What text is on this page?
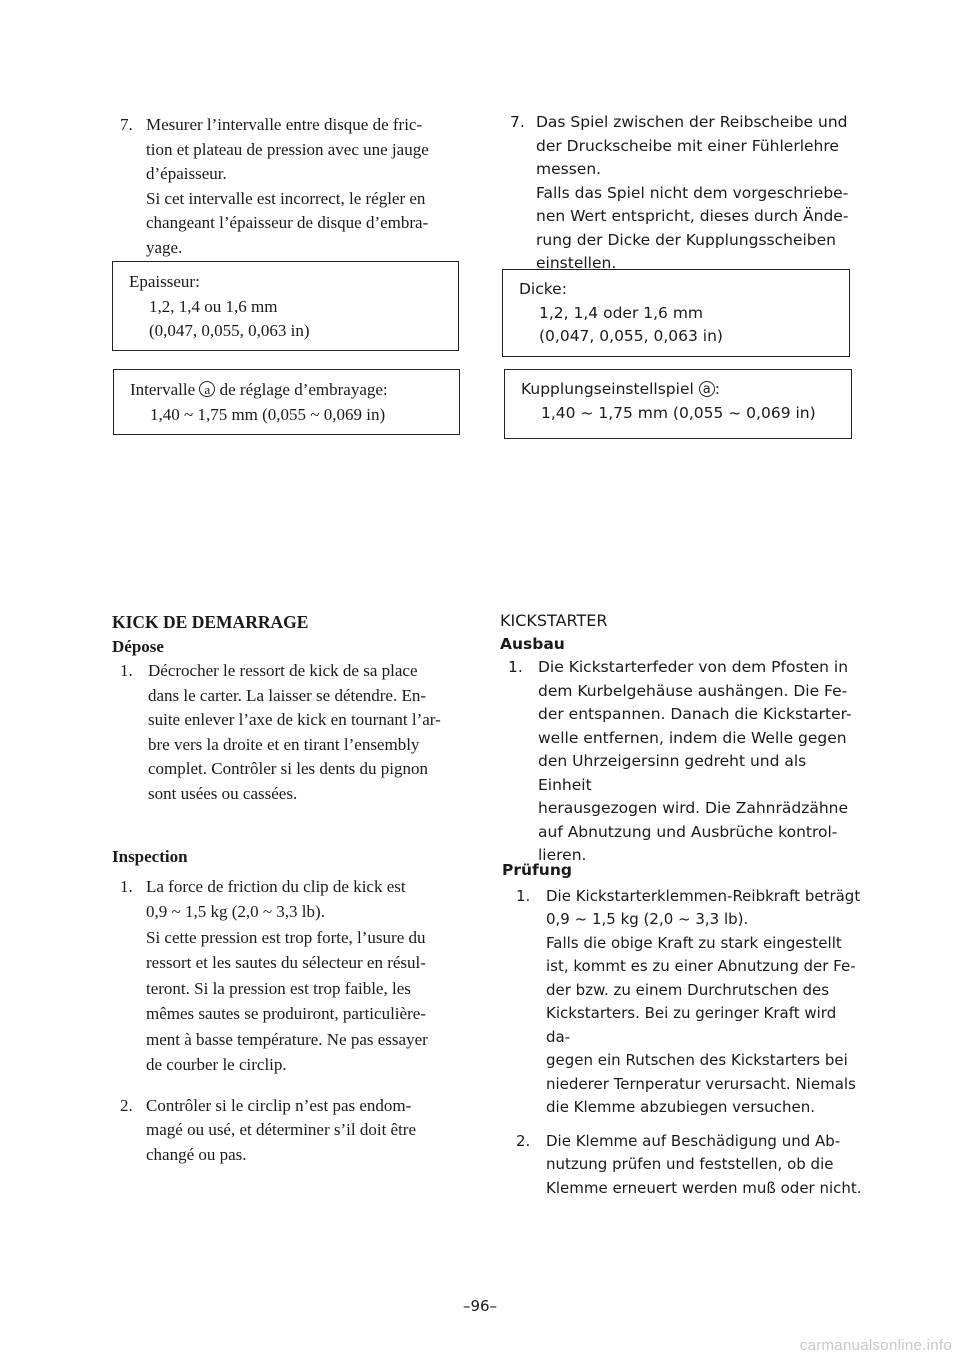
7. Mesurer l’intervalle entre disque de fric-

tion et plateau de pression avec une jauge

d’épaisseur.

Si cet intervalle est incorrect, le régler en

changeant l’épaisseur de disque d’embra-

yage.

Epaisseur:
1,2, 1,4 ou 1,6 mm
(0,047, 0,055, 0,063 in)
Intervalle a de réglage d’embrayage:
1,40 ~ 1,75 mm (0,055 ~ 0,069 in)

KICK DE DEMARRAGE

Dépose

1. Décrocher le ressort de kick de sa place

dans le carter. La laisser se détendre. En-

suite enlever l’axe de kick en tournant l’ar-

bre vers la droite et en tirant l’ensembly

complet. Contrôler si les dents du pignon

sont usées ou cassées.

Inspection

1. La force de friction du clip de kick est

0,9 ~ 1,5 kg (2,0 ~ 3,3 lb).

Si cette pression est trop forte, l’usure du

ressort et les sautes du sélecteur en résul-

teront. Si la pression est trop faible, les

mêmes sautes se produiront, particulière-

ment à basse température. Ne pas essayer

de courber le circlip.

2. Contrôler si le circlip n’est pas endom-

magé ou usé, et déterminer s’il doit être

changé ou pas.

7. Das Spiel zwischen der Reibscheibe und

der Druckscheibe mit einer Fühlerlehre

messen.

Falls das Spiel nicht dem vorgeschriebe-

nen Wert entspricht, dieses durch Ände-

rung der Dicke der Kupplungsscheiben

einstellen.

Dicke:
1,2, 1,4 oder 1,6 mm
(0,047, 0,055, 0,063 in)
Kupplungseinstellspiel a :
1,40 ~ 1,75 mm (0,055 ~ 0,069 in)

KICKSTARTER

Ausbau

1. Die Kickstarterfeder von dem Pfosten in

dem Kurbelgehäuse aushängen. Die Fe-

der entspannen. Danach die Kickstarter-

welle entfernen, indem die Welle gegen

den Uhrzeigersinn gedreht und als Einheit

herausgezogen wird. Die Zahnrädzähne

auf Abnutzung und Ausbrüche kontrol-

lieren.

Prüfung

1. Die Kickstarterklemmen-Reibkraft beträgt

0,9 ~ 1,5 kg (2,0 ~ 3,3 lb).

Falls die obige Kraft zu stark eingestellt

ist, kommt es zu einer Abnutzung der Fe-

der bzw. zu einem Durchrutschen des

Kickstarters. Bei zu geringer Kraft wird da-

gegen ein Rutschen des Kickstarters bei

niederer Ternperatur verursacht. Niemals

die Klemme abzubiegen versuchen.

2. Die Klemme auf Beschädigung und Ab-

nutzung prüfen und feststellen, ob die

Klemme erneuert werden muß oder nicht.

–96–
carmanualsonline.info
